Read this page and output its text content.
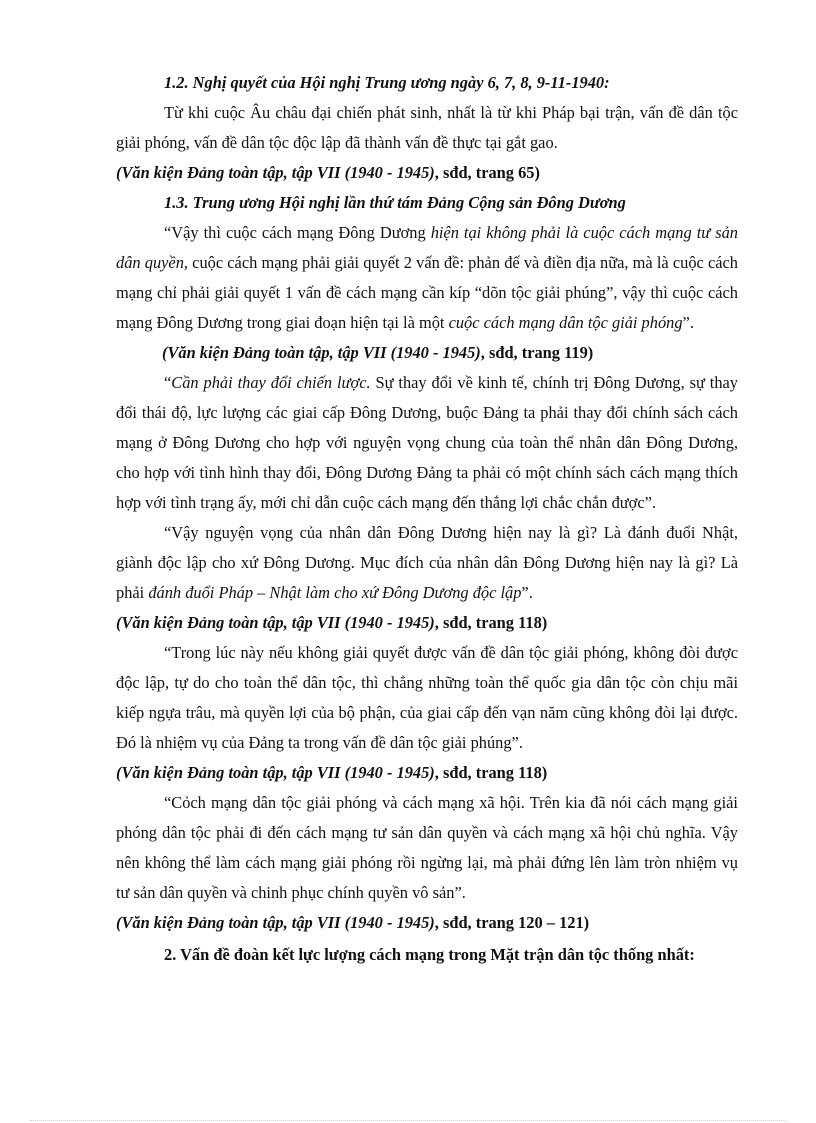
1.2. Nghị quyết của Hội nghị Trung ương ngày 6, 7, 8, 9-11-1940:

Từ khi cuộc Âu châu đại chiến phát sinh, nhất là từ khi Pháp bại trận, vấn đề dân tộc giải phóng, vấn đề dân tộc độc lập đã thành vấn đề thực tại gắt gao.

(Văn kiện Đảng toàn tập, tập VII (1940 - 1945), sđd, trang 65)

1.3. Trung ương Hội nghị lần thứ tám Đảng Cộng sản Đông Dương

“Vậy thì cuộc cách mạng Đông Dương hiện tại không phải là cuộc cách mạng tư sản dân quyền, cuộc cách mạng phải giải quyết 2 vấn đề: phản đế và điền địa nữa, mà là cuộc cách mạng chỉ phải giải quyết 1 vấn đề cách mạng cần kíp “dõn tộc giải phúng”, vậy thì cuộc cách mạng Đông Dương trong giai đoạn hiện tại là một cuộc cách mạng dân tộc giải phóng”.

(Văn kiện Đảng toàn tập, tập VII (1940 - 1945), sđd, trang 119)

“Cần phải thay đổi chiến lược. Sự thay đổi về kinh tế, chính trị Đông Dương, sự thay đổi thái độ, lực lượng các giai cấp Đông Dương, buộc Đảng ta phải thay đổi chính sách cách mạng ở Đông Dương cho hợp với nguyện vọng chung của toàn thể nhân dân Đông Dương, cho hợp với tình hình thay đổi, Đông Dương Đảng ta phải có một chính sách cách mạng thích hợp với tình trạng ấy, mới chỉ dẫn cuộc cách mạng đến thắng lợi chắc chắn được”.

“Vậy nguyện vọng của nhân dân Đông Dương hiện nay là gì? Là đánh đuổi Nhật, giành độc lập cho xứ Đông Dương. Mục đích của nhân dân Đông Dương hiện nay là gì? Là phải đánh đuổi Pháp – Nhật làm cho xứ Đông Dương độc lập”.

(Văn kiện Đảng toàn tập, tập VII (1940 - 1945), sđd, trang 118)

“Trong lúc này nếu không giải quyết được vấn đề dân tộc giải phóng, không đòi được độc lập, tự do cho toàn thể dân tộc, thì chẳng những toàn thể quốc gia dân tộc còn chịu mãi kiếp ngựa trâu, mà quyền lợi của bộ phận, của giai cấp đến vạn năm cũng không đòi lại được. Đó là nhiệm vụ của Đảng ta trong vấn đề dân tộc giải phúng”.

(Văn kiện Đảng toàn tập, tập VII (1940 - 1945), sđd, trang 118)

“Cỏch mạng dân tộc giải phóng và cách mạng xã hội. Trên kia đã nói cách mạng giải phóng dân tộc phải đi đến cách mạng tư sản dân quyền và cách mạng xã hội chủ nghĩa. Vậy nên không thể làm cách mạng giải phóng rồi ngừng lại, mà phải đứng lên làm tròn nhiệm vụ tư sản dân quyền và chinh phục chính quyền vô sản”.

(Văn kiện Đảng toàn tập, tập VII (1940 - 1945), sđd, trang 120 – 121)

2. Vấn đề đoàn kết lực lượng cách mạng trong Mặt trận dân tộc thống nhất:
